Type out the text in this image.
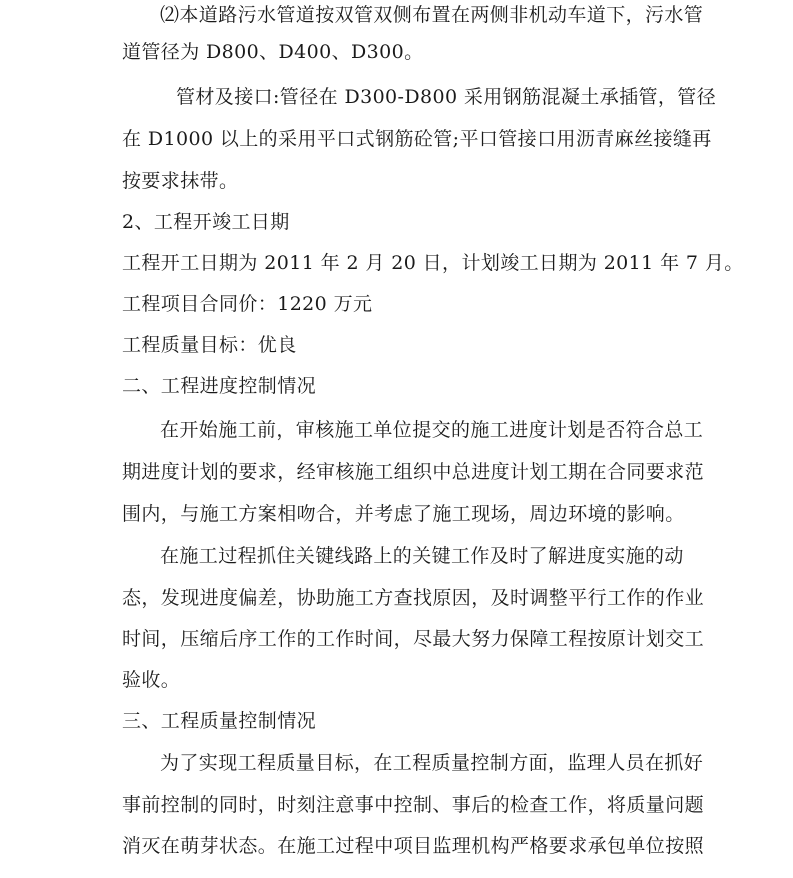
⑵本道路污水管道按双管双侧布置在两侧非机动车道下，污水管
道管径为 D800、D400、D300。
管材及接口:管径在 D300-D800 采用钢筋混凝土承插管，管径
在 D1000 以上的采用平口式钢筋砼管;平口管接口用沥青麻丝接缝再
按要求抹带。
2、工程开竣工日期
工程开工日期为 2011 年 2 月 20 日，计划竣工日期为 2011 年 7 月。
工程项目合同价：1220 万元
工程质量目标：优良
二、工程进度控制情况
在开始施工前，审核施工单位提交的施工进度计划是否符合总工
期进度计划的要求，经审核施工组织中总进度计划工期在合同要求范
围内，与施工方案相吻合，并考虑了施工现场，周边环境的影响。
在施工过程抓住关键线路上的关键工作及时了解进度实施的动
态，发现进度偏差，协助施工方查找原因，及时调整平行工作的作业
时间，压缩后序工作的工作时间，尽最大努力保障工程按原计划交工
验收。
三、工程质量控制情况
为了实现工程质量目标，在工程质量控制方面，监理人员在抓好
事前控制的同时，时刻注意事中控制、事后的检查工作，将质量问题
消灭在萌芽状态。在施工过程中项目监理机构严格要求承包单位按照
